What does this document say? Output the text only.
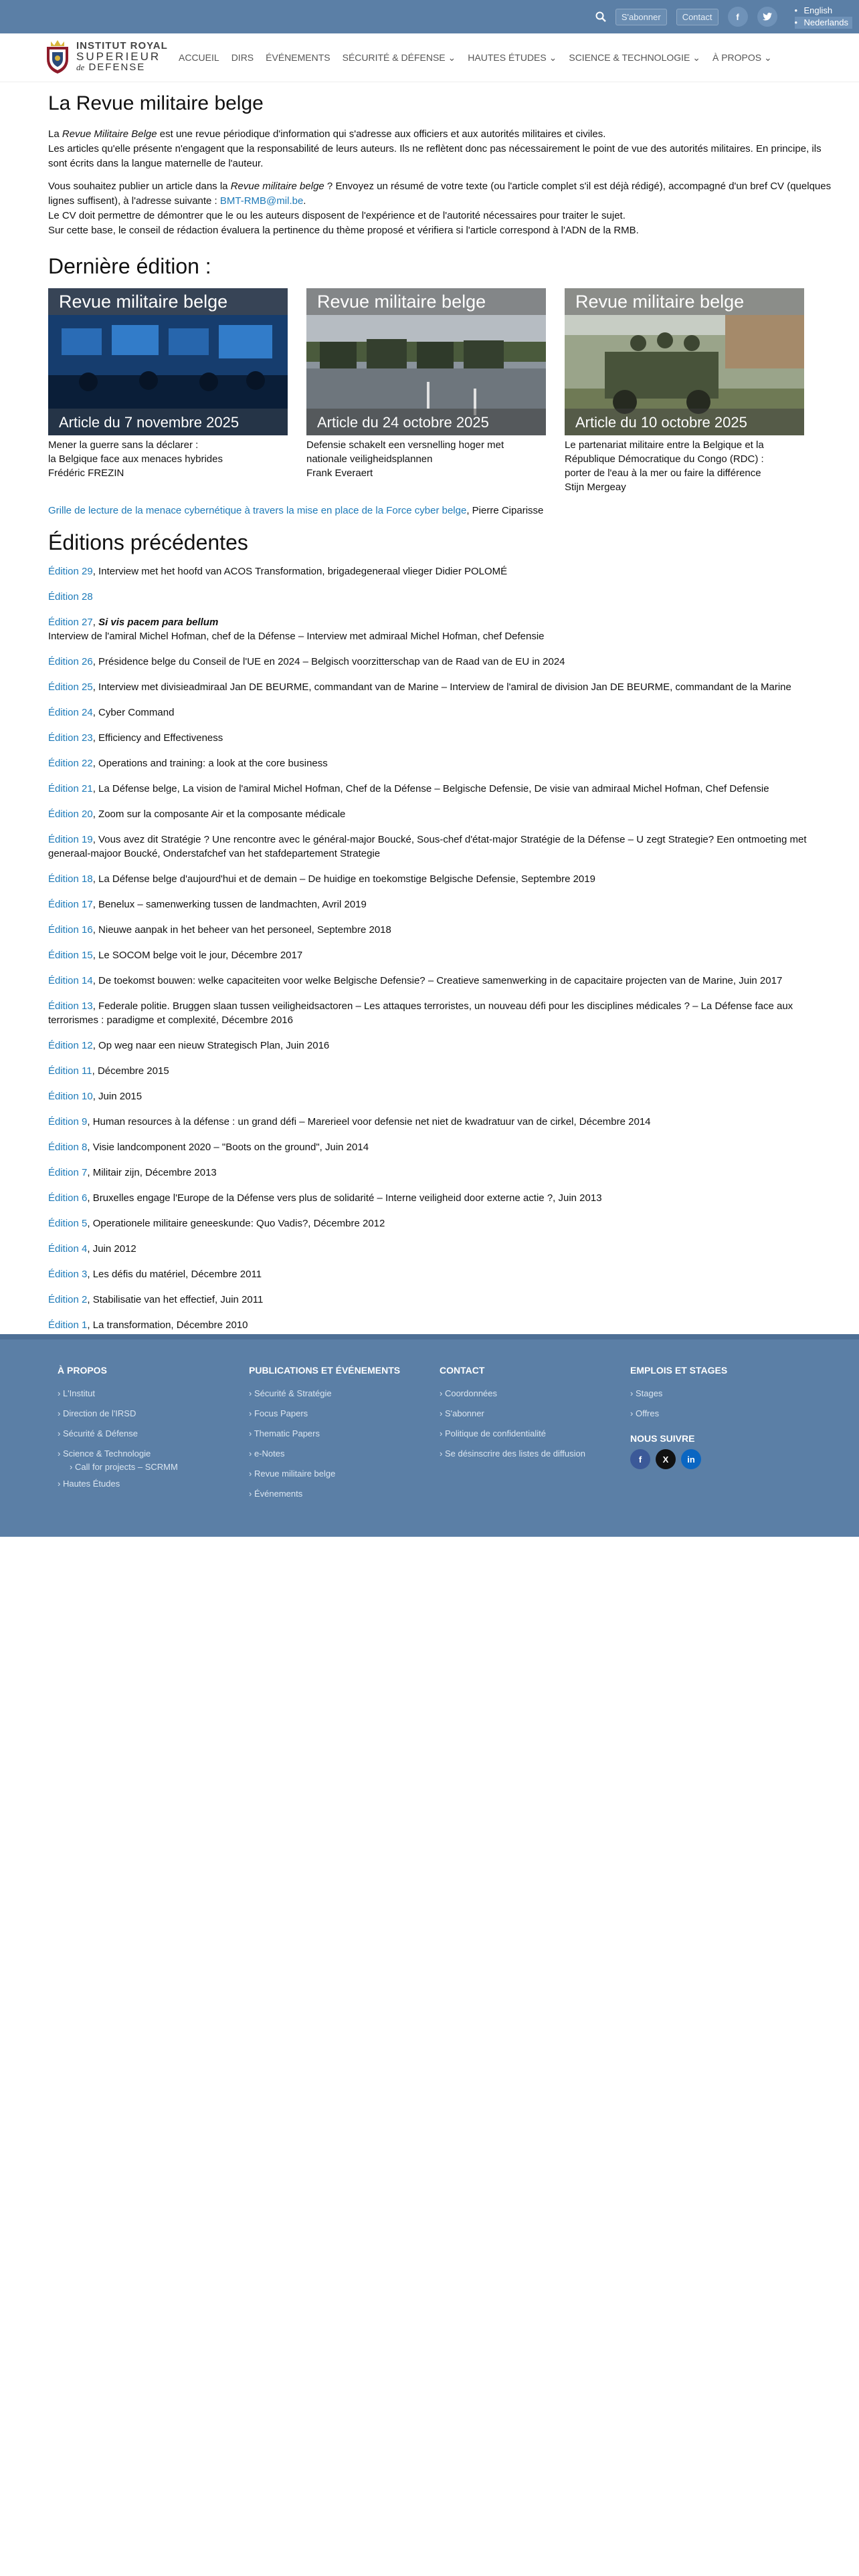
S'abonner	Contact	f
• English
• Nederlands
INSTITUT ROYAL
SUPERIEUR
de DEFENSE
ACCUEIL	DIRS	ÉVÉNEMENTS	SÉCURITÉ & DÉFENSE ⌄	HAUTES ÉTUDES ⌄	SCIENCE & TECHNOLOGIE ⌄	À PROPOS ⌄
La Revue militaire belge

La Revue Militaire Belge est une revue périodique d'information qui s'adresse aux officiers et aux autorités militaires et civiles.

Les articles qu'elle présente n'engagent que la responsabilité de leurs auteurs. Ils ne reflètent donc pas nécessairement le point de vue des autorités militaires. En principe, ils sont écrits dans la langue maternelle de l'auteur.

Vous souhaitez publier un article dans la Revue militaire belge ? Envoyez un résumé de votre texte (ou l'article complet s'il est déjà rédigé), accompagné d'un bref CV (quelques lignes suffisent), à l'adresse suivante : BMT-RMB@mil.be.

Le CV doit permettre de démontrer que le ou les auteurs disposent de l'expérience et de l'autorité nécessaires pour traiter le sujet.

Sur cette base, le conseil de rédaction évaluera la pertinence du thème proposé et vérifiera si l'article correspond à l'ADN de la RMB.

Dernière édition :
Revue militaire belge
Article du 7 novembre 2025
Mener la guerre sans la déclarer :
la Belgique face aux menaces hybrides
Frédéric FREZIN
Revue militaire belge
Article du 24 octobre 2025
Defensie schakelt een versnelling hoger met
nationale veiligheidsplannen
Frank Everaert
Revue militaire belge
Article du 10 octobre 2025
Le partenariat militaire entre la Belgique et la
République Démocratique du Congo (RDC) :
porter de l'eau à la mer ou faire la différence
Stijn Mergeay

Grille de lecture de la menace cybernétique à travers la mise en place de la Force cyber belge, Pierre Ciparisse

Éditions précédentes
Édition 29, Interview met het hoofd van ACOS Transformation, brigadegeneraal vlieger Didier POLOMÉ
Édition 28
Édition 27, Si vis pacem para bellum
Interview de l'amiral Michel Hofman, chef de la Défense – Interview met admiraal Michel Hofman, chef Defensie
Édition 26, Présidence belge du Conseil de l'UE en 2024 – Belgisch voorzitterschap van de Raad van de EU in 2024
Édition 25, Interview met divisieadmiraal Jan DE BEURME, commandant van de Marine – Interview de l'amiral de division Jan DE BEURME, commandant de la Marine
Édition 24, Cyber Command
Édition 23, Efficiency and Effectiveness
Édition 22, Operations and training: a look at the core business
Édition 21, La Défense belge, La vision de l'amiral Michel Hofman, Chef de la Défense – Belgische Defensie, De visie van admiraal Michel Hofman, Chef Defensie
Édition 20, Zoom sur la composante Air et la composante médicale
Édition 19, Vous avez dit Stratégie ? Une rencontre avec le général-major Boucké, Sous-chef d'état-major Stratégie de la Défense – U zegt Strategie? Een ontmoeting met generaal-majoor Boucké, Onderstafchef van het stafdepartement Strategie
Édition 18, La Défense belge d'aujourd'hui et de demain – De huidige en toekomstige Belgische Defensie, Septembre 2019
Édition 17, Benelux – samenwerking tussen de landmachten, Avril 2019
Édition 16, Nieuwe aanpak in het beheer van het personeel, Septembre 2018
Édition 15, Le SOCOM belge voit le jour, Décembre 2017
Édition 14, De toekomst bouwen: welke capaciteiten voor welke Belgische Defensie? – Creatieve samenwerking in de capacitaire projecten van de Marine, Juin 2017
Édition 13, Federale politie. Bruggen slaan tussen veiligheidsactoren – Les attaques terroristes, un nouveau défi pour les disciplines médicales ? – La Défense face aux terrorismes : paradigme et complexité, Décembre 2016
Édition 12, Op weg naar een nieuw Strategisch Plan, Juin 2016
Édition 11, Décembre 2015
Édition 10, Juin 2015
Édition 9, Human resources à la défense : un grand défi – Marerieel voor defensie net niet de kwadratuur van de cirkel, Décembre 2014
Édition 8, Visie landcomponent 2020 – "Boots on the ground", Juin 2014
Édition 7, Militair zijn, Décembre 2013
Édition 6, Bruxelles engage l'Europe de la Défense vers plus de solidarité – Interne veiligheid door externe actie ?, Juin 2013
Édition 5, Operationele militaire geneeskunde: Quo Vadis?, Décembre 2012
Édition 4, Juin 2012
Édition 3, Les défis du matériel, Décembre 2011
Édition 2, Stabilisatie van het effectief, Juin 2011
Édition 1, La transformation, Décembre 2010
À PROPOS
› L'Institut
› Direction de l'IRSD
› Sécurité & Défense
› Science & Technologie
› Call for projects – SCRMM
› Hautes Études
PUBLICATIONS ET ÉVÉNEMENTS
› Sécurité & Stratégie
› Focus Papers
› Thematic Papers
› e-Notes
› Revue militaire belge
› Événements
CONTACT
› Coordonnées
› S'abonner
› Politique de confidentialité
› Se désinscrire des listes de diffusion
EMPLOIS ET STAGES
› Stages
› Offres
NOUS SUIVRE
f	X	in
